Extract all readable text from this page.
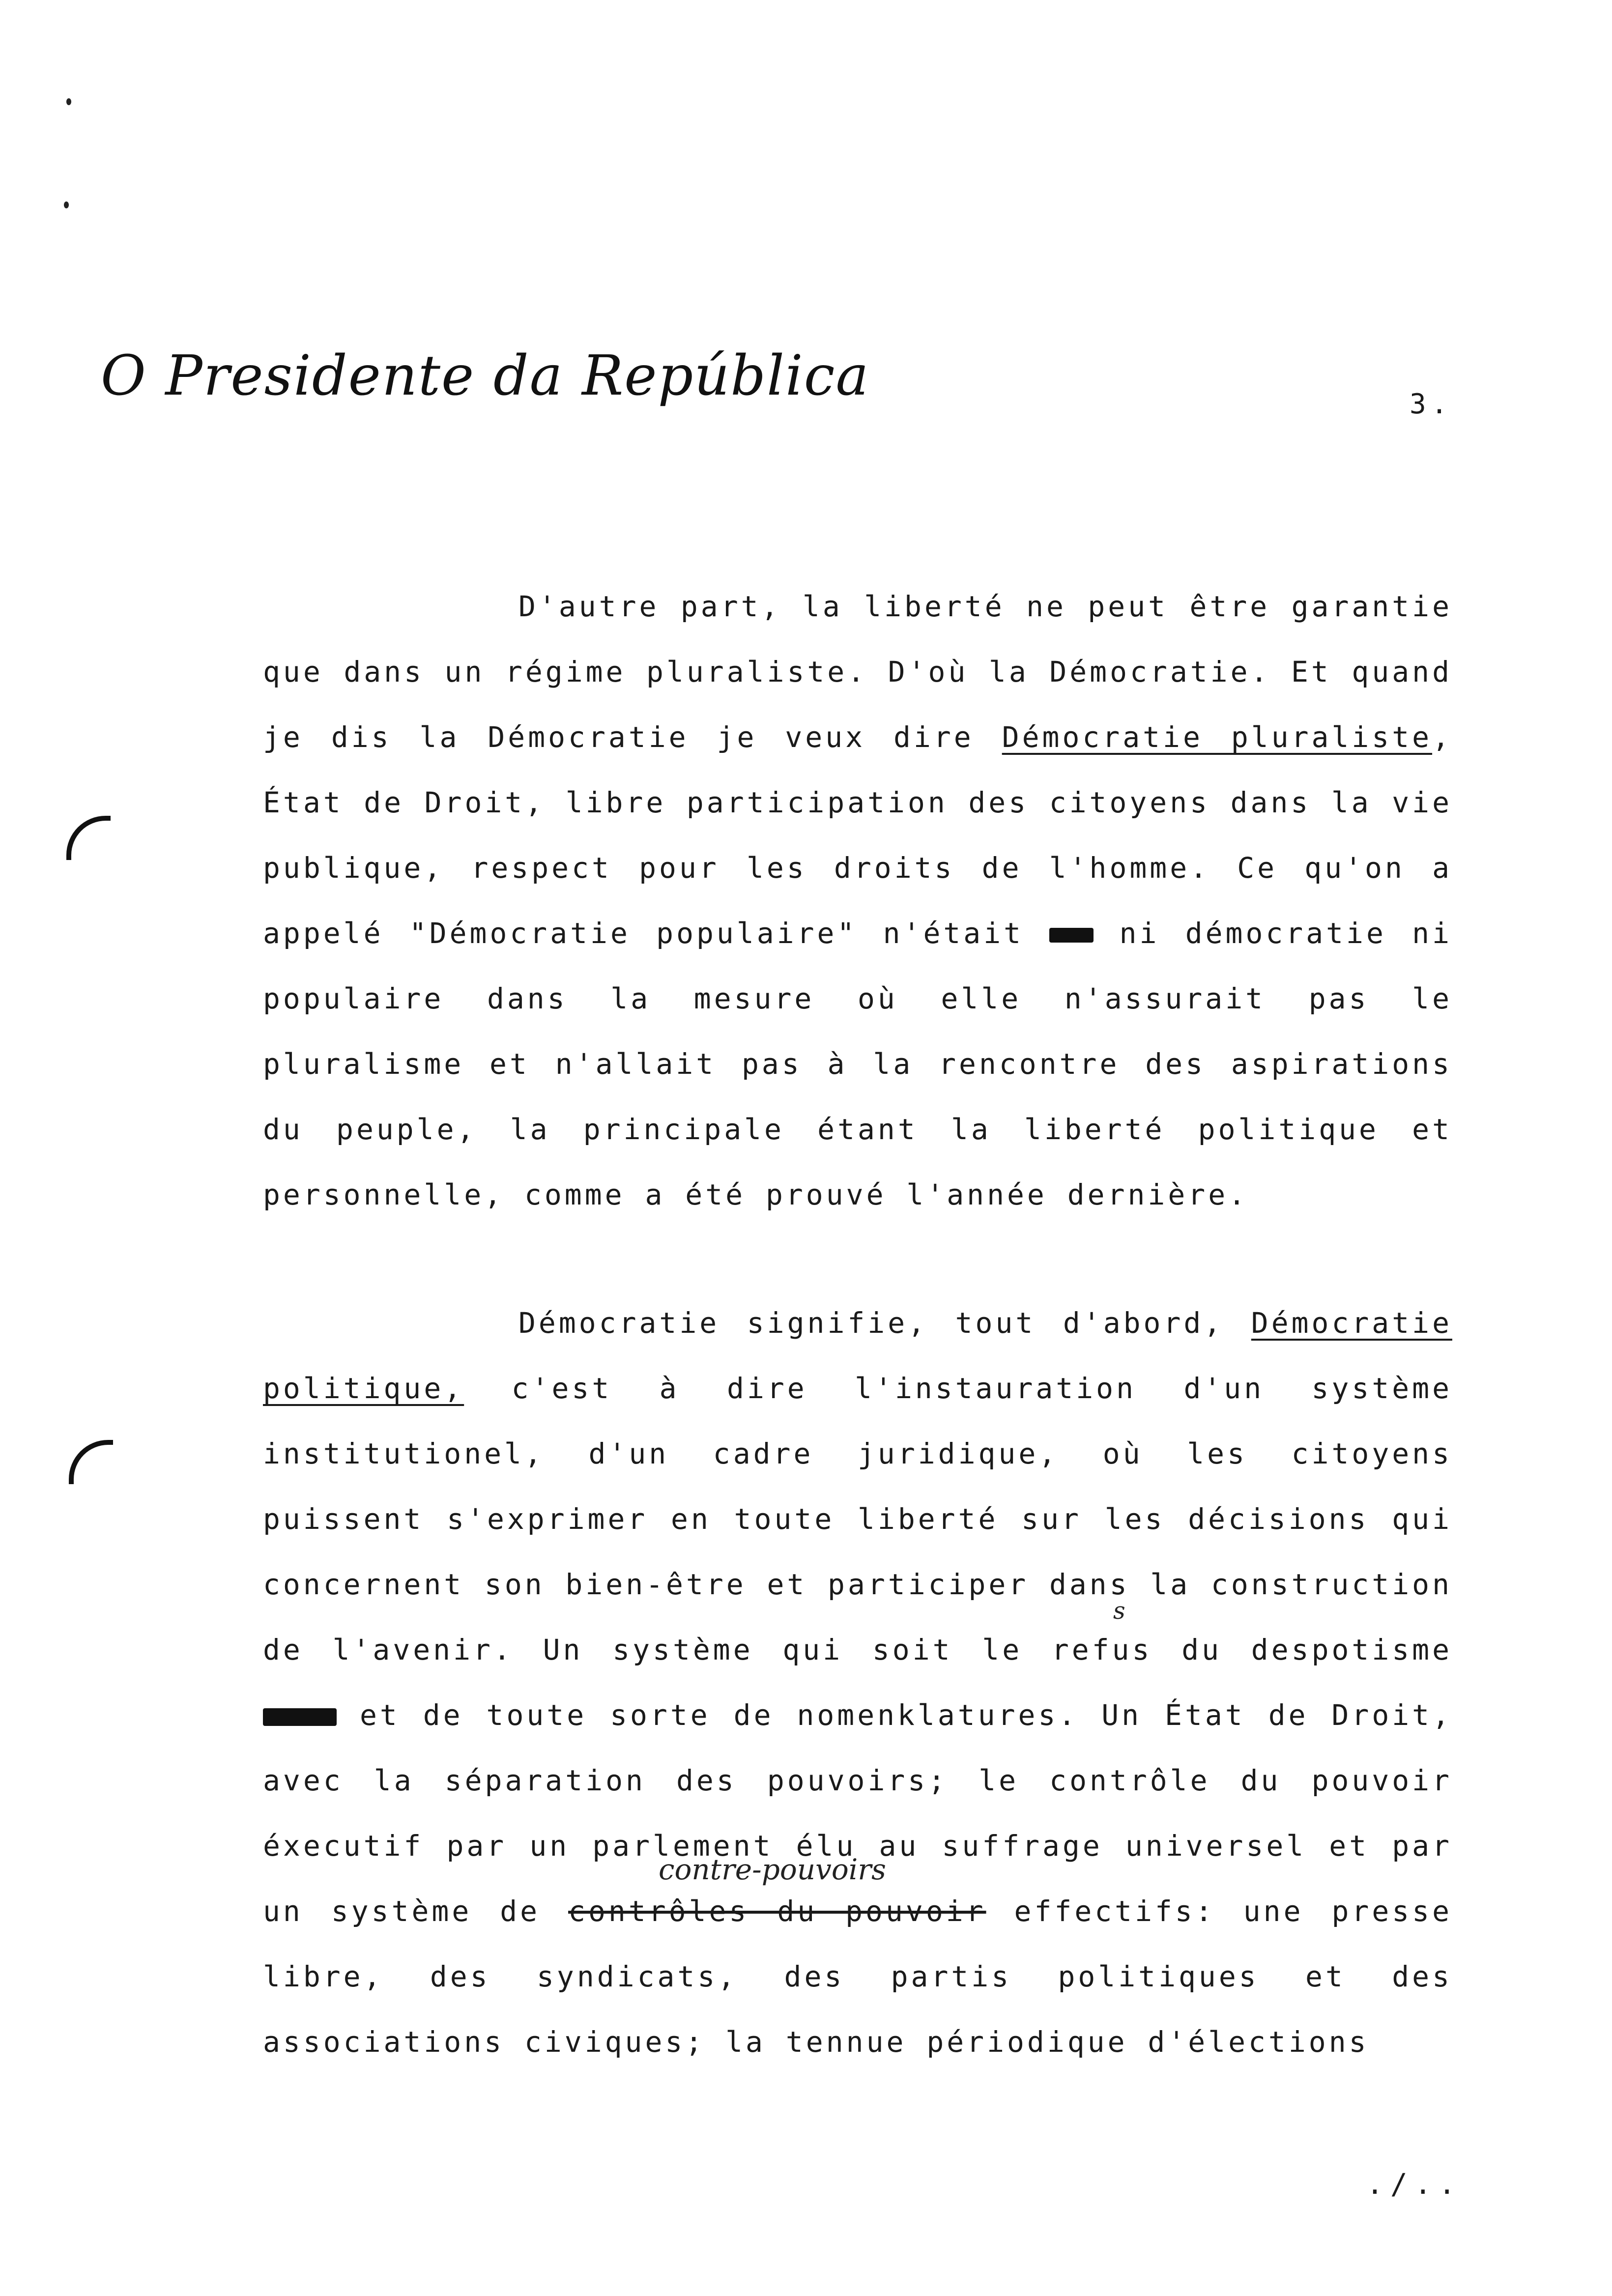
O Presidente da República	3.

D'autre part, la liberté ne peut être garantie que dans un régime pluraliste. D'où la Démocratie. Et quand je dis la Démocratie je veux dire Démocratie pluraliste, État de Droit, libre participation des citoyens dans la vie publique, respect pour les droits de l'homme. Ce qu'on a appelé "Démocratie populaire" n'était  ni démocratie ni populaire dans la mesure où elle n'assurait pas le pluralisme et n'allait pas à la rencontre des aspirations du peuple, la principale étant la liberté politique et personnelle, comme a été prouvé l'année dernière.

Démocratie signifie, tout d'abord, Démocratie politique, c'est à dire l'instauration d'un système institutionel, d'un cadre juridique, où les citoyens puissent s'exprimer en toute liberté sur les décisions qui concernent son bien-être et participer dans la construction de l'avenir. Un système qui soit le refus du despotisme  et de toute sorte de nomenklatures. Un État de Droit, avec la séparation des pouvoirs; le contrôle du pouvoir éxecutif par un parlement élu au suffrage universel et par un système de contrôles du pouvoir effectifs: une presse libre, des syndicats, des partis politiques et des associations civiques; la tennue périodique d'élections

contre-pouvoirs
s
./..
